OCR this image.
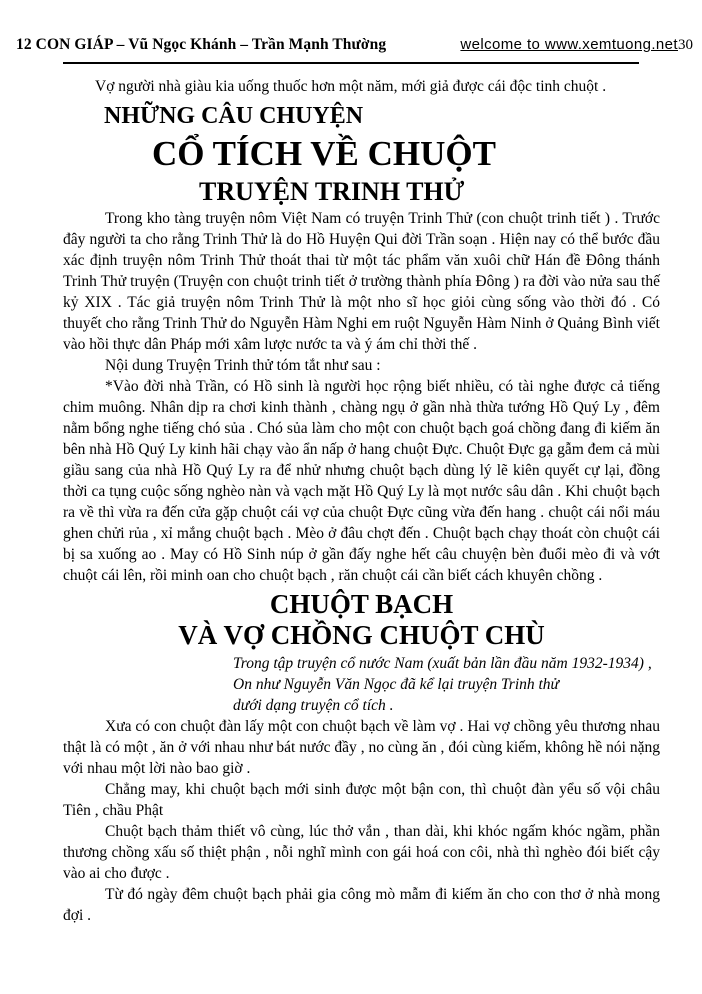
12 CON GIÁP – Vũ Ngọc Khánh – Trần Mạnh Thường	welcome to www.xemtuong.net 30

Vợ người nhà giàu kia uống thuốc hơn một năm, mới giả được cái độc tinh chuột .

NHỮNG CÂU CHUYỆN
CỔ TÍCH VỀ CHUỘT
TRUYỆN TRINH THỬ

Trong kho tàng truyện nôm Việt Nam có truyện Trinh Thử (con chuột trinh tiết ) . Trước đây người ta cho rằng Trinh Thử là do Hồ Huyện Qui đời Trần soạn . Hiện nay có thể bước đầu xác định truyện nôm Trinh Thử thoát thai từ một tác phẩm văn xuôi chữ Hán đề Đông thánh Trinh Thử truyện (Truyện con chuột trinh tiết ở trường thành phía Đông ) ra đời vào nửa sau thế kỷ XIX . Tác giả truyện nôm Trinh Thử là một nho sĩ học giỏi cùng sống vào thời đó . Có thuyết cho rằng Trinh Thử do Nguyễn Hàm Nghi em ruột Nguyễn Hàm Ninh ở Quảng Bình viết vào hồi thực dân Pháp mới xâm lược nước ta và ý ám chỉ thời thế .

Nội dung Truyện Trinh thử tóm tắt như sau :

*Vào đời nhà Trần, có Hồ sinh là người học rộng biết nhiều, có tài nghe được cả tiếng chim muông. Nhân dịp ra chơi kinh thành , chàng ngụ ở gần nhà thừa tướng Hồ Quý Ly , đêm nằm bổng nghe tiếng chó sủa . Chó sủa làm cho một con chuột bạch goá chồng đang đi kiếm ăn bên nhà Hồ Quý Ly kinh hãi chạy vào ẩn nấp ở hang chuột Đực. Chuột Đực gạ gẫm đem cả mùi giầu sang của nhà Hồ Quý Ly ra để nhử nhưng chuột bạch dùng lý lẽ kiên quyết cự lại, đồng thời ca tụng cuộc sống nghèo nàn và vạch mặt Hồ Quý Ly là mọt nước sâu dân . Khi chuột bạch ra về thì vừa ra đến cửa gặp chuột cái vợ của chuột Đực cũng vừa đến hang . chuột cái nổi máu ghen chửi rủa , xỉ mắng chuột bạch . Mèo ở đâu chợt đến . Chuột bạch chạy thoát còn chuột cái bị sa xuống ao . May có Hồ Sinh núp ở gần đấy nghe hết câu chuyện bèn đuổi mèo đi và vớt chuột cái lên, rồi minh oan cho chuột bạch , răn chuột cái cần biết cách khuyên chồng .

CHUỘT BẠCH
VÀ VỢ CHỒNG CHUỘT CHÙ
Trong tập truyện cổ nước Nam (xuất bản lần đầu năm 1932-1934) ,
On như Nguyễn Văn Ngọc đã kể lại truyện Trinh thử
dưới dạng truyện cổ tích .

Xưa có con chuột đàn lấy một con chuột bạch về làm vợ . Hai vợ chồng yêu thương nhau thật là có một , ăn ở với nhau như bát nước đầy , no cùng ăn , đói cùng kiếm, không hề nói nặng với nhau một lời nào bao giờ .

Chẳng may, khi chuột bạch mới sinh được một bận con, thì chuột đàn yểu số vội châu Tiên , chầu Phật

Chuột bạch thảm thiết vô cùng, lúc thở vắn , than dài, khi khóc ngấm khóc ngầm, phần thương chồng xấu số thiệt phận , nỗi nghĩ mình con gái hoá con côi, nhà thì nghèo đói biết cậy vào ai cho được .

Từ đó ngày đêm chuột bạch phải gia công mò mẫm đi kiếm ăn cho con thơ ở nhà mong đợi .
